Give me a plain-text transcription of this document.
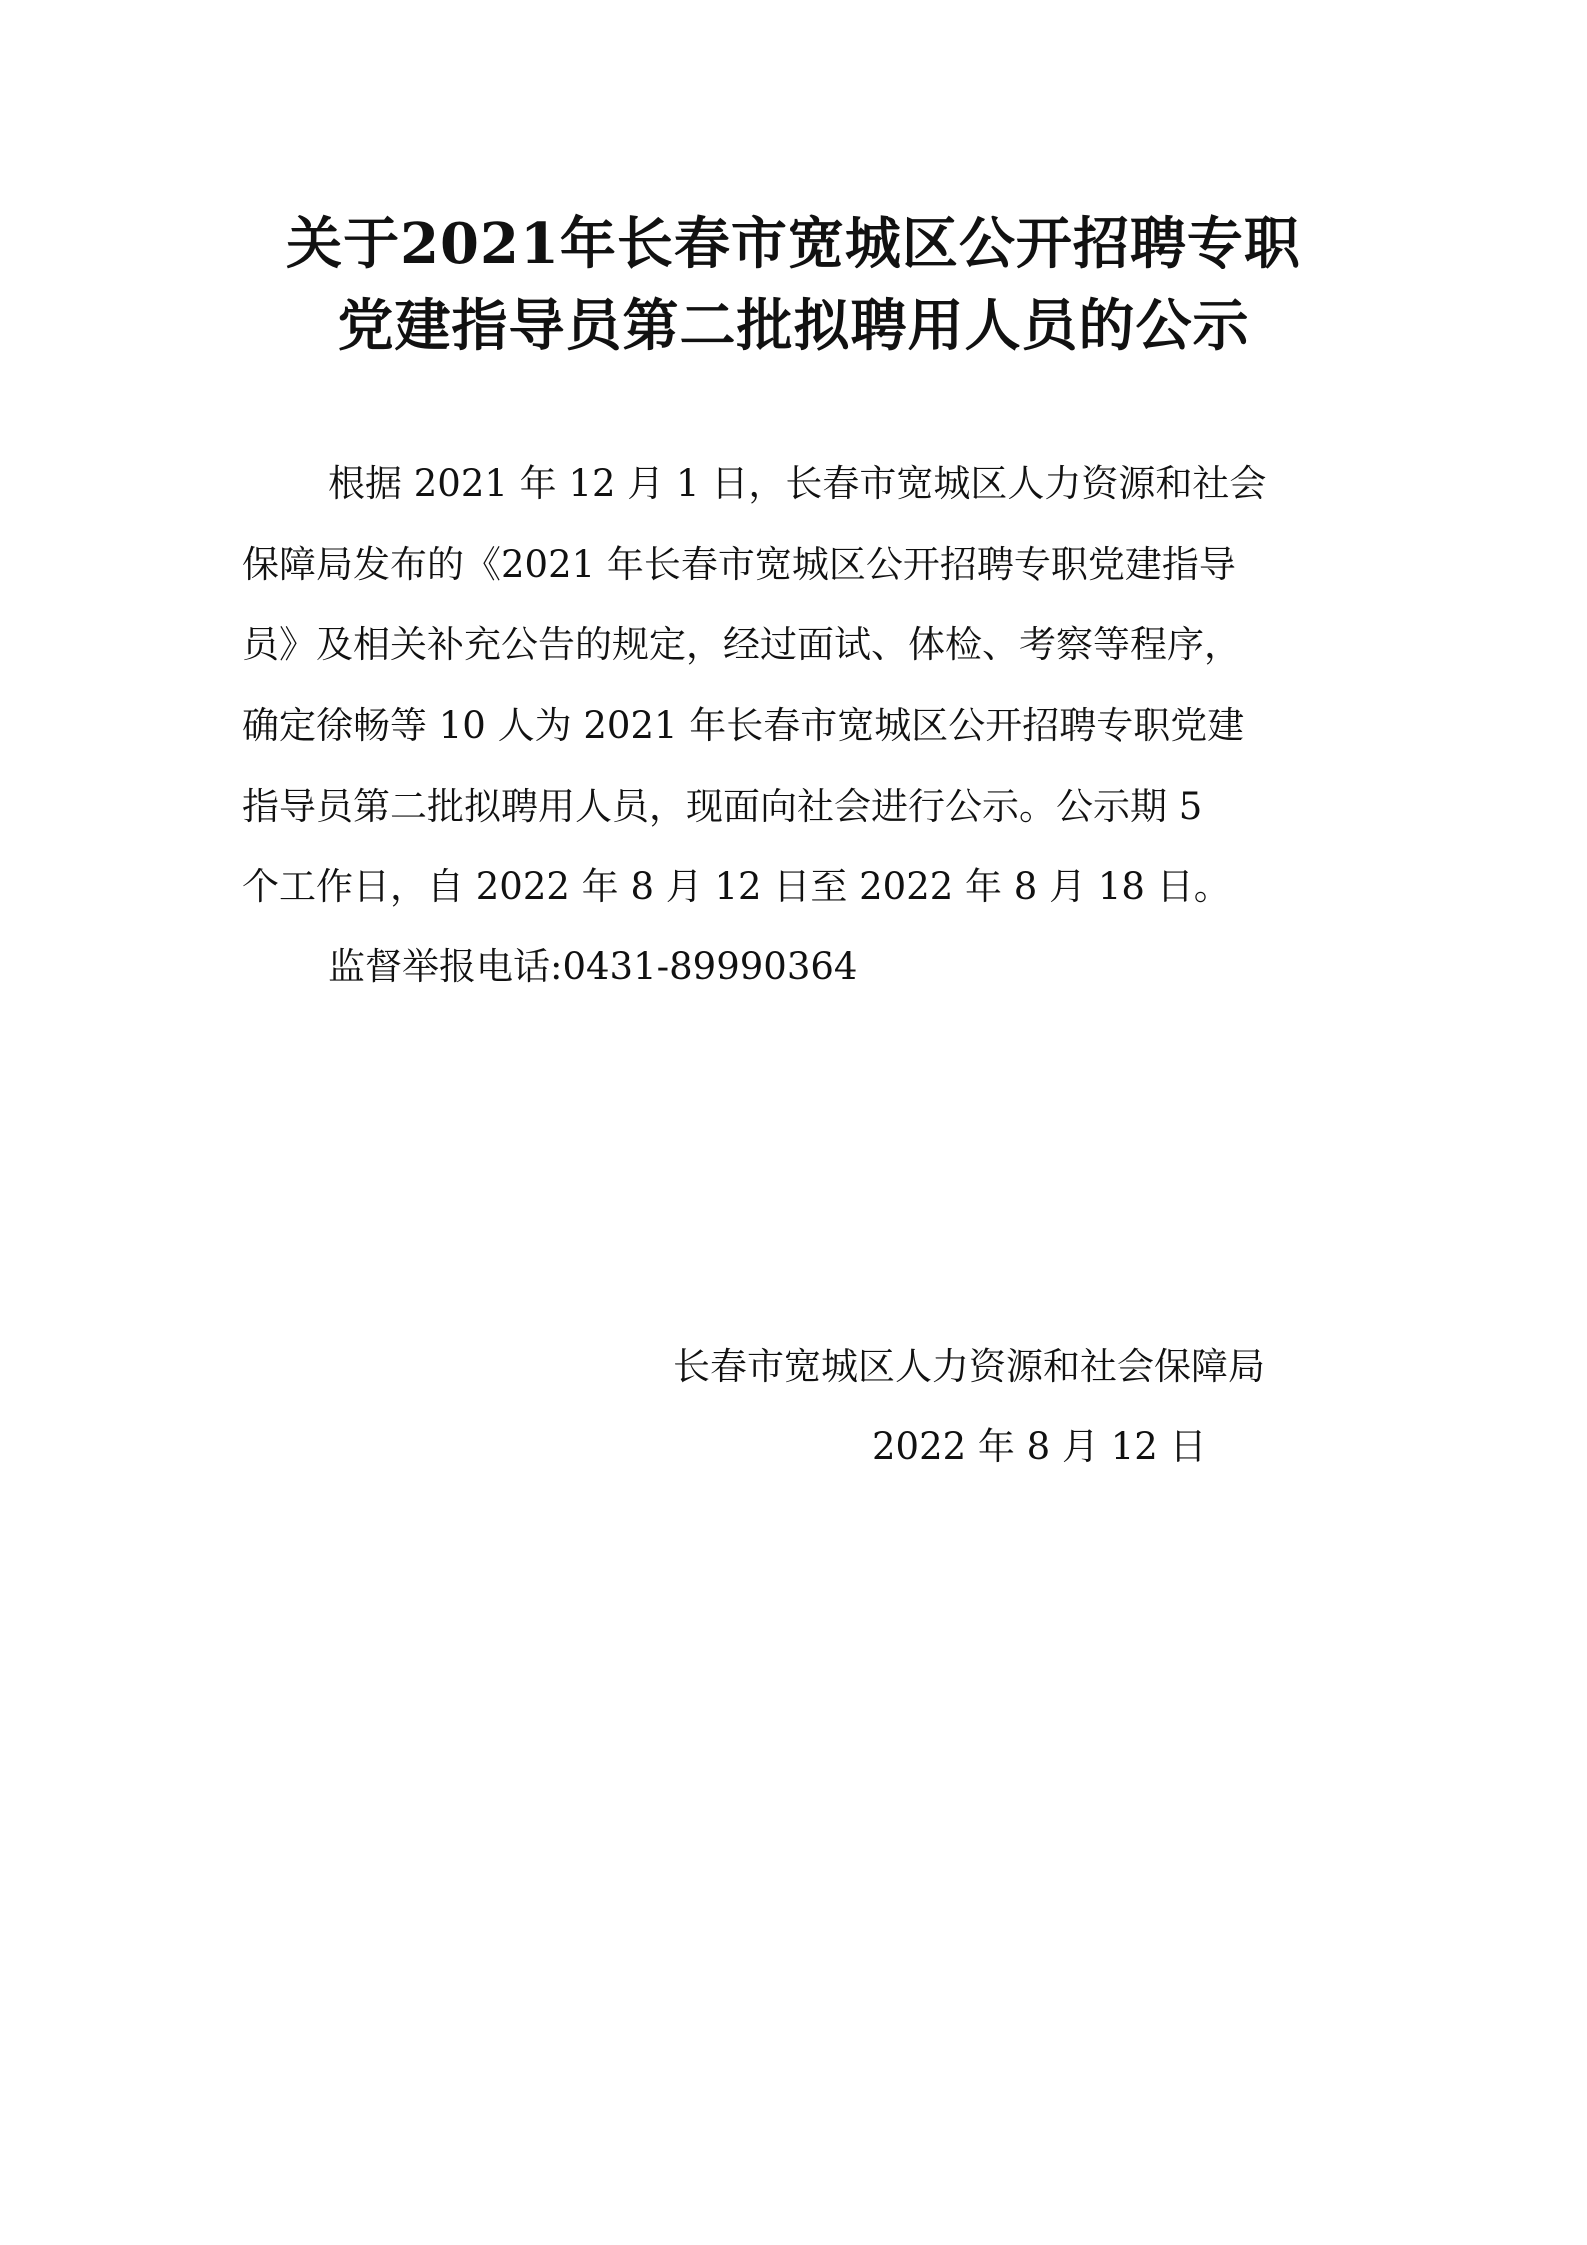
关于2021年长春市宽城区公开招聘专职
党建指导员第二批拟聘用人员的公示

根据 2021 年 12 月 1 日，长春市宽城区人力资源和社会

保障局发布的《2021 年长春市宽城区公开招聘专职党建指导

员》及相关补充公告的规定，经过面试、体检、考察等程序，

确定徐畅等 10 人为 2021 年长春市宽城区公开招聘专职党建

指导员第二批拟聘用人员，现面向社会进行公示。公示期 5

个工作日，自 2022 年 8 月 12 日至 2022 年 8 月 18 日。

监督举报电话:0431-89990364

长春市宽城区人力资源和社会保障局
2022 年 8 月 12 日
